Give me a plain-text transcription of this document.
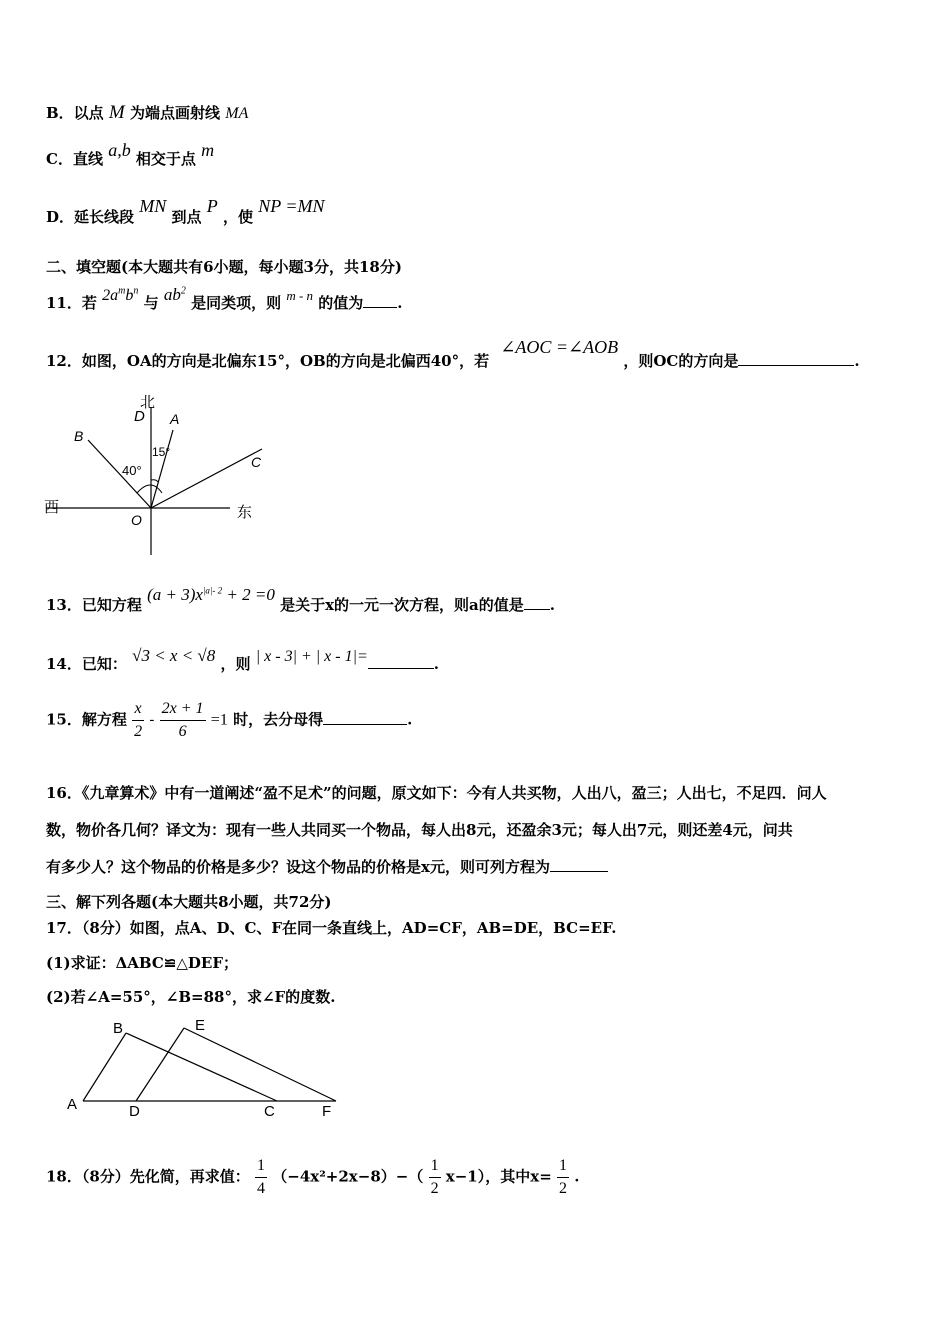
B．以点 M 为端点画射线 MA
C．直线 a,b 相交于点 m
D．延长线段 MN 到点 P ，使 NP =MN
二、填空题(本大题共有6小题，每小题3分，共18分)
11．若 $2a^mb^n$ 与 $ab^2$ 是同类项，则 m - n 的值为 .
12．如图，OA的方向是北偏东15°，OB的方向是北偏西40°，若 ∠AOC =∠AOB ，则OC的方向是	.
北
D A
B
C
O
西	东
40°
15°
13．已知方程 $(a + 3)x^{|a|- 2} + 2 =0$ 是关于x的一元一次方程，则a的值是 .
14．已知： √3 < x < √8 ，则 | x - 3| + | x - 1|=	.
15．解方程 $\frac{x}{2} - \frac{2x + 1}{6} =1$ 时，去分母得	.
16．《九章算术》中有一道阐述“盈不足术”的问题，原文如下：今有人共买物，人出八，盈三；人出七，不足四．问人
数，物价各几何？译文为：现有一些人共同买一个物品，每人出8元，还盈余3元；每人出7元，则还差4元，问共
有多少人？这个物品的价格是多少？设这个物品的价格是x元，则可列方程为
三、解下列各题(本大题共8小题，共72分)
17．（8分）如图，点A、D、C、F在同一条直线上，AD=CF，AB=DE，BC=EF.
(1)求证：ΔABC≌△DEF；
(2)若∠A=55°，∠B=88°，求∠F的度数.
A
B
C
D
E
F
18．（8分）先化简，再求值： $\frac{1}{4} (-4x^2+2x-8)-( \frac{1}{2} x-1)$，其中$x= \frac{1}{2}$ .
